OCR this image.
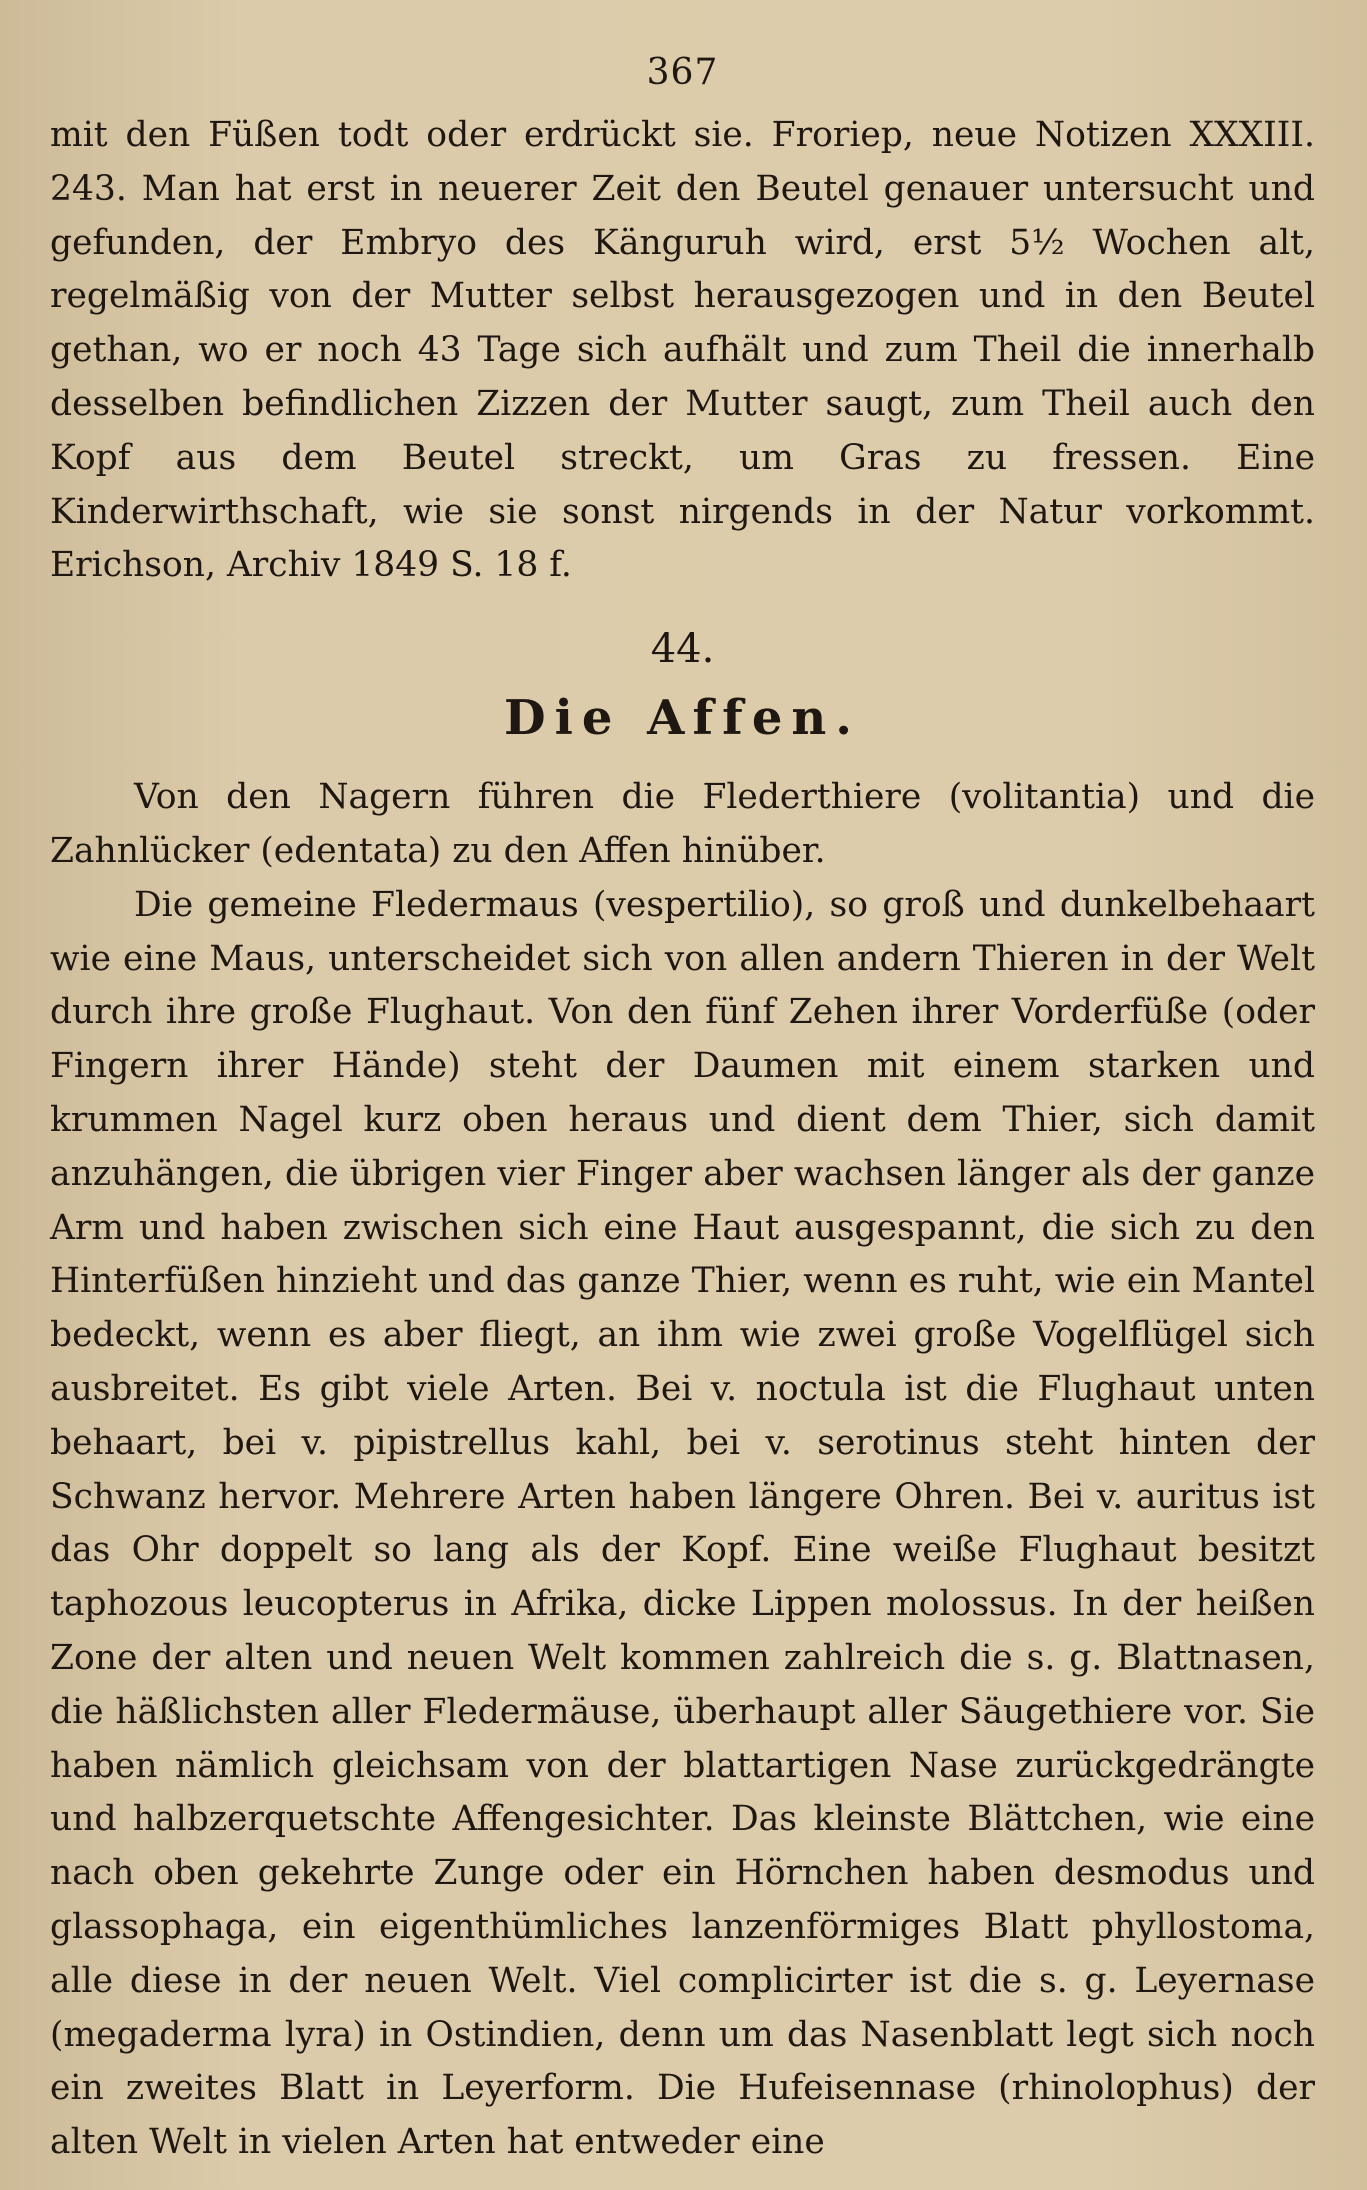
367

mit den Füßen todt oder erdrückt sie. Froriep, neue Notizen XXXIII. 243. Man hat erst in neuerer Zeit den Beutel genauer untersucht und gefunden, der Embryo des Känguruh wird, erst 5½ Wochen alt, regelmäßig von der Mutter selbst herausgezogen und in den Beutel gethan, wo er noch 43 Tage sich aufhält und zum Theil die innerhalb desselben befindlichen Zizzen der Mutter saugt, zum Theil auch den Kopf aus dem Beutel streckt, um Gras zu fressen. Eine Kinderwirthschaft, wie sie sonst nirgends in der Natur vorkommt. Erichson, Archiv 1849 S. 18 f.

44.
Die Affen.

Von den Nagern führen die Flederthiere (volitantia) und die Zahnlücker (edentata) zu den Affen hinüber.

Die gemeine Fledermaus (vespertilio), so groß und dunkelbehaart wie eine Maus, unterscheidet sich von allen andern Thieren in der Welt durch ihre große Flughaut. Von den fünf Zehen ihrer Vorderfüße (oder Fingern ihrer Hände) steht der Daumen mit einem starken und krummen Nagel kurz oben heraus und dient dem Thier, sich damit anzuhängen, die übrigen vier Finger aber wachsen länger als der ganze Arm und haben zwischen sich eine Haut ausgespannt, die sich zu den Hinterfüßen hinzieht und das ganze Thier, wenn es ruht, wie ein Mantel bedeckt, wenn es aber fliegt, an ihm wie zwei große Vogelflügel sich ausbreitet. Es gibt viele Arten. Bei v. noctula ist die Flughaut unten behaart, bei v. pipistrellus kahl, bei v. serotinus steht hinten der Schwanz hervor. Mehrere Arten haben längere Ohren. Bei v. auritus ist das Ohr doppelt so lang als der Kopf. Eine weiße Flughaut besitzt taphozous leucopterus in Afrika, dicke Lippen molossus. In der heißen Zone der alten und neuen Welt kommen zahlreich die s. g. Blattnasen, die häßlichsten aller Fledermäuse, überhaupt aller Säugethiere vor. Sie haben nämlich gleichsam von der blattartigen Nase zurückgedrängte und halbzerquetschte Affengesichter. Das kleinste Blättchen, wie eine nach oben gekehrte Zunge oder ein Hörnchen haben desmodus und glassophaga, ein eigenthümliches lanzenförmiges Blatt phyllostoma, alle diese in der neuen Welt. Viel complicirter ist die s. g. Leyernase (megaderma lyra) in Ostindien, denn um das Nasenblatt legt sich noch ein zweites Blatt in Leyerform. Die Hufeisennase (rhinolophus) der alten Welt in vielen Arten hat entweder eine
